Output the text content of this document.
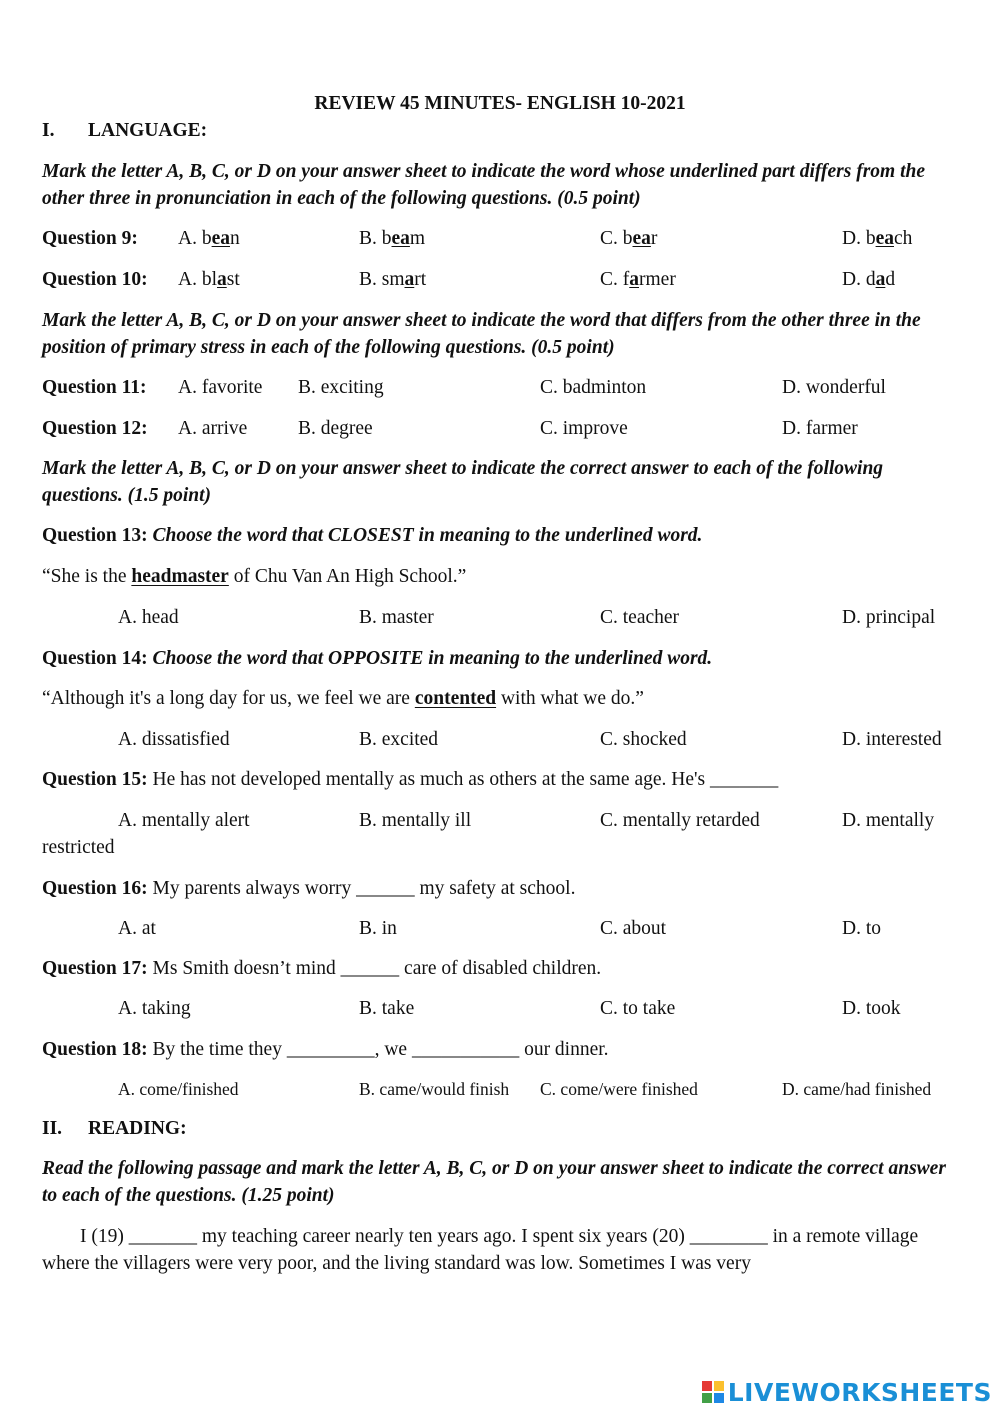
REVIEW 45 MINUTES- ENGLISH 10-2021
I. LANGUAGE:
Mark the letter A, B, C, or D on your answer sheet to indicate the word whose underlined part differs from the other three in pronunciation in each of the following questions. (0.5 point)
Question 9: A. bean	B. beam	C. bear	D. beach
Question 10: A. blast	B. smart	C. farmer	D. dad
Mark the letter A, B, C, or D on your answer sheet to indicate the word that differs from the other three in the position of primary stress in each of the following questions. (0.5 point)
Question 11: A. favorite B. exciting	C. badminton	D. wonderful
Question 12: A. arrive	B. degree	C. improve	D. farmer
Mark the letter A, B, C, or D on your answer sheet to indicate the correct answer to each of the following questions. (1.5 point)
Question 13: Choose the word that CLOSEST in meaning to the underlined word.
“She is the headmaster of Chu Van An High School.”
A. head	B. master	C. teacher	D. principal
Question 14: Choose the word that OPPOSITE in meaning to the underlined word.
“Although it's a long day for us, we feel we are contented with what we do.”
A. dissatisfied	B. excited	C. shocked	D. interested
Question 15: He has not developed mentally as much as others at the same age. He's _______
A. mentally alert	B. mentally ill	C. mentally retarded	D. mentally
restricted
Question 16: My parents always worry ______ my safety at school.
A. at	B. in	C. about	D. to
Question 17: Ms Smith doesn’t mind ______ care of disabled children.
A. taking	B. take	C. to take	D. took
Question 18: By the time they _________, we ___________ our dinner.
A. come/finished	B. came/would finish C. come/were finished	D. came/had finished
II. READING:
Read the following passage and mark the letter A, B, C, or D on your answer sheet to indicate the correct answer to each of the questions. (1.25 point)
I (19) _______ my teaching career nearly ten years ago. I spent six years (20) ________ in a remote village where the villagers were very poor, and the living standard was low. Sometimes I was very
LIVEWORKSHEETS
